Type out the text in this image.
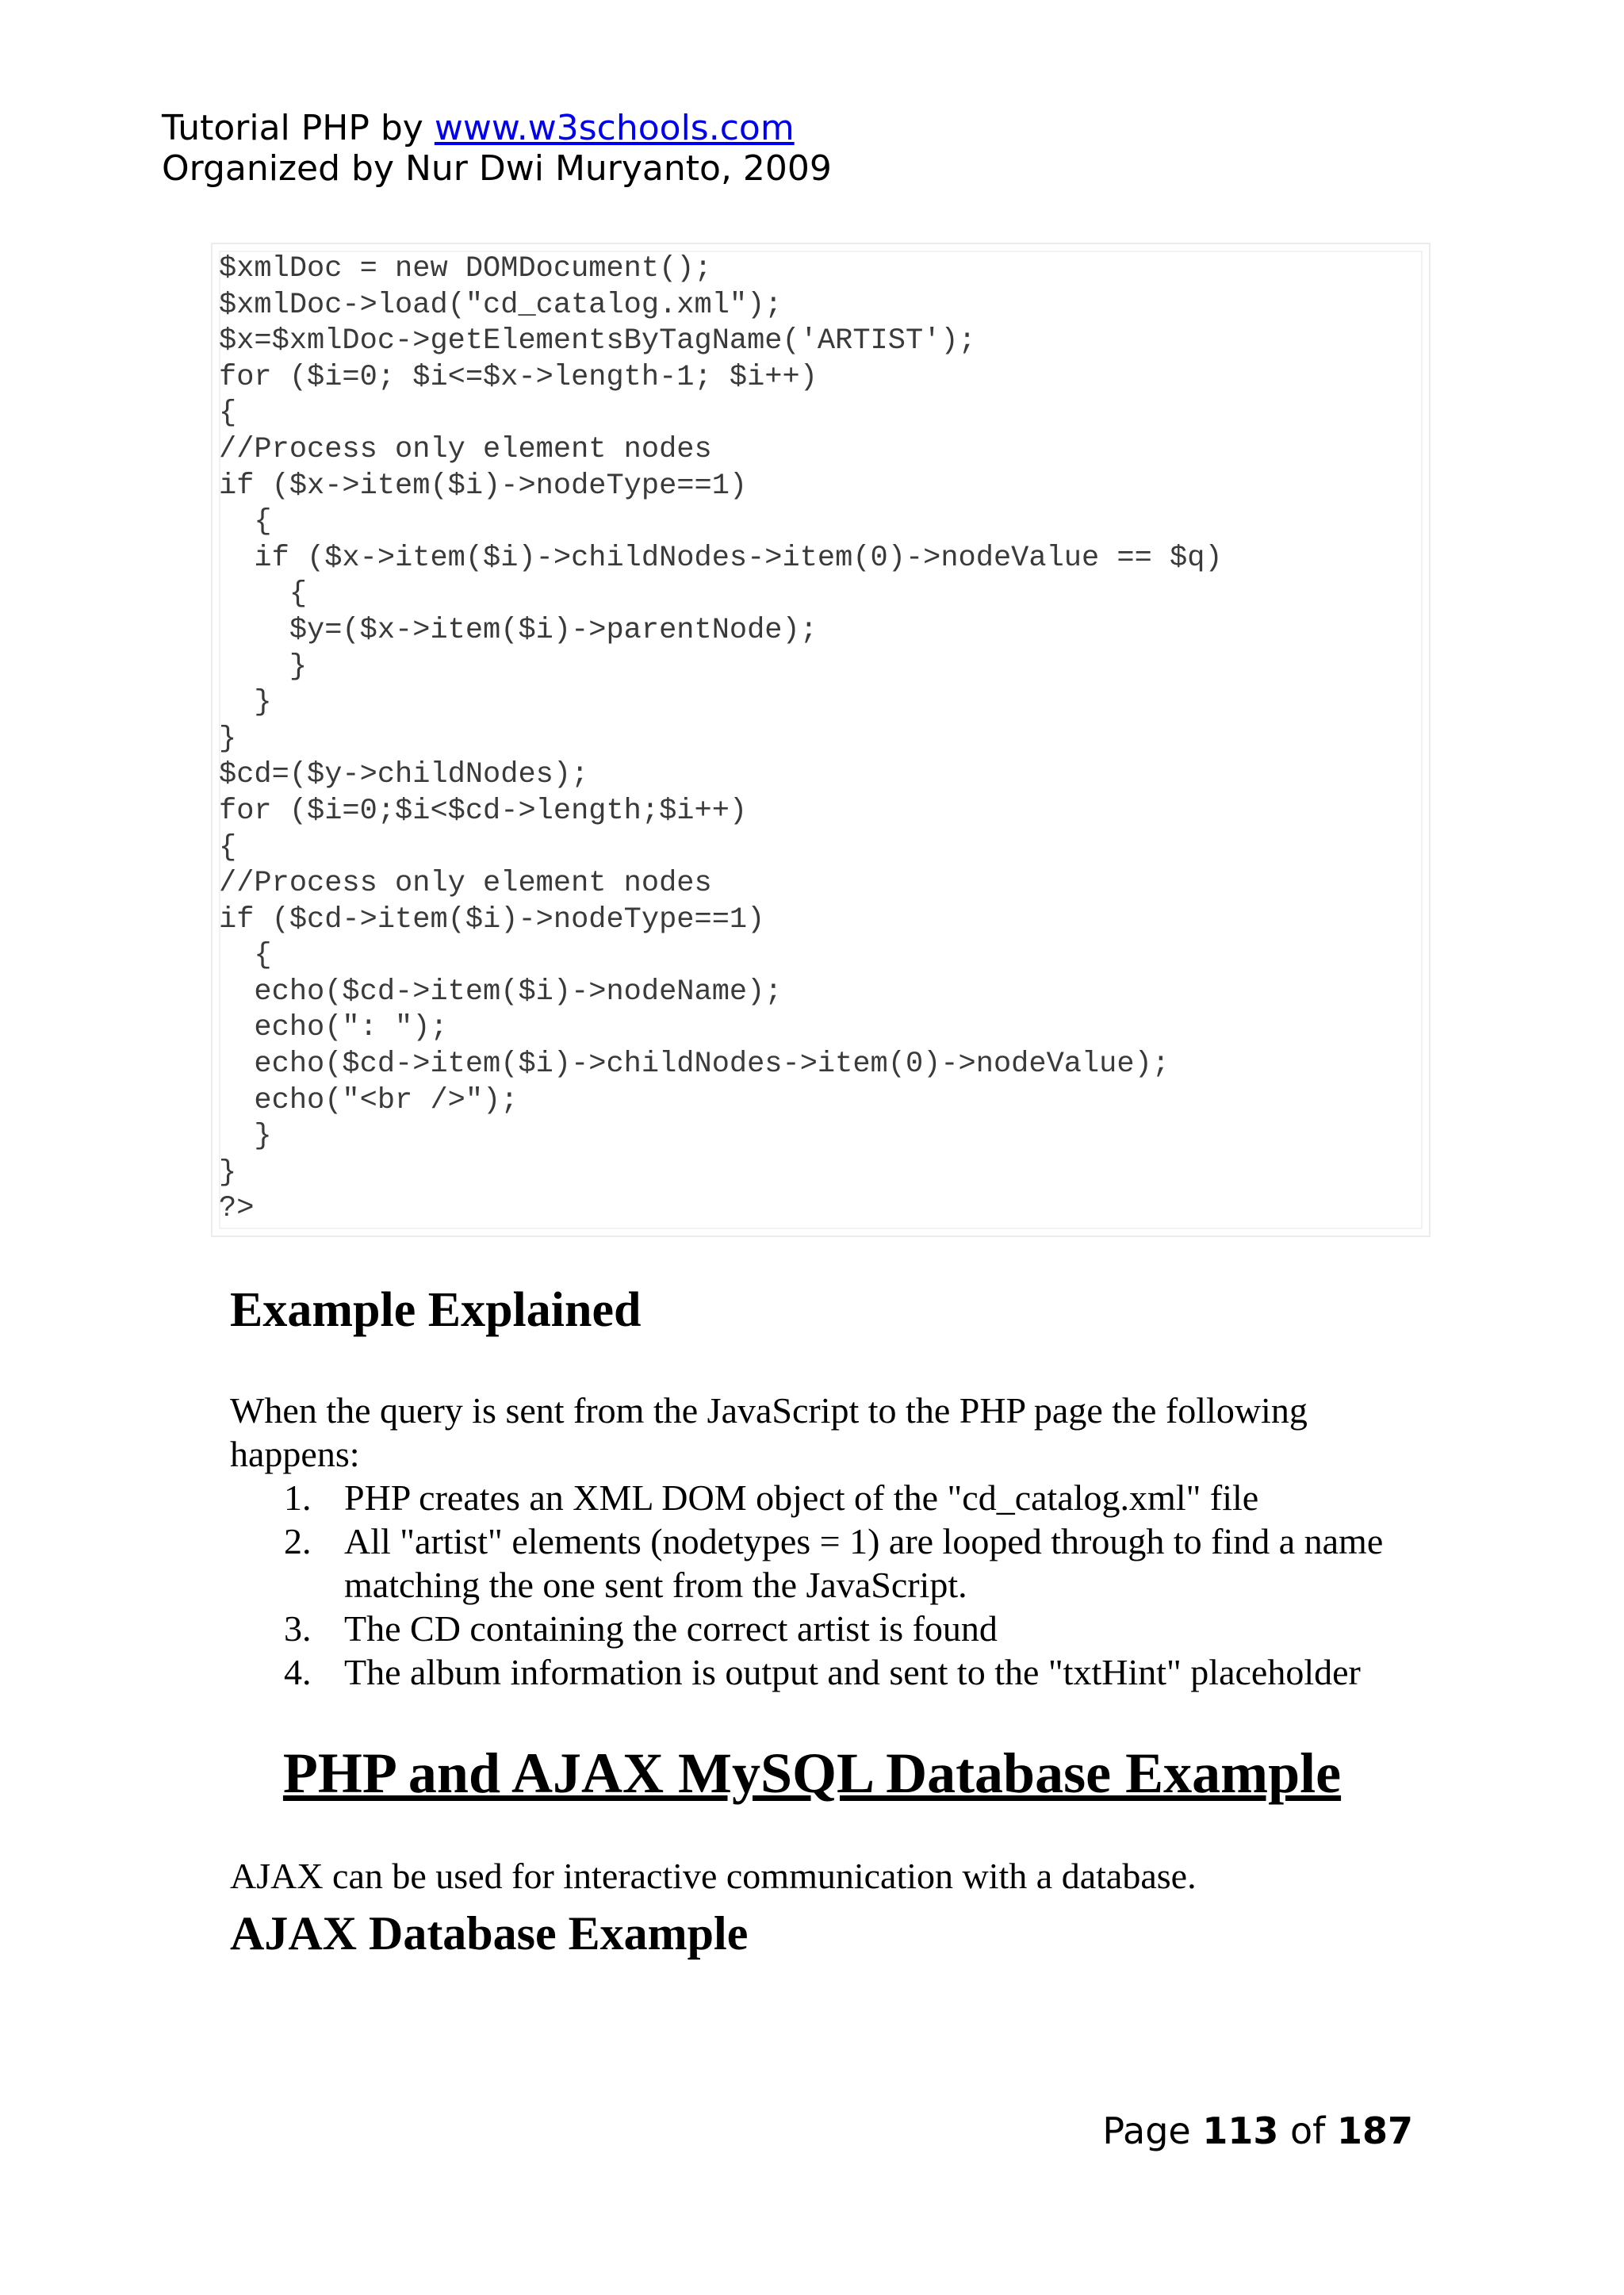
Tutorial PHP by www.w3schools.com
Organized by Nur Dwi Muryanto, 2009
$xmlDoc = new DOMDocument();
$xmlDoc->load("cd_catalog.xml");
$x=$xmlDoc->getElementsByTagName('ARTIST');
for ($i=0; $i<=$x->length-1; $i++)
{
//Process only element nodes
if ($x->item($i)->nodeType==1)
{
if ($x->item($i)->childNodes->item(0)->nodeValue == $q)
{
$y=($x->item($i)->parentNode);
}
}
}
$cd=($y->childNodes);
for ($i=0;$i<$cd->length;$i++)
{
//Process only element nodes
if ($cd->item($i)->nodeType==1)
{
echo($cd->item($i)->nodeName);
echo(": ");
echo($cd->item($i)->childNodes->item(0)->nodeValue);
echo("<br />");
}
}
?>
Example Explained

When the query is sent from the JavaScript to the PHP page the following happens:

1. PHP creates an XML DOM object of the "cd_catalog.xml" file
2. All "artist" elements (nodetypes = 1) are looped through to find a name matching the one sent from the JavaScript.
3. The CD containing the correct artist is found
4. The album information is output and sent to the "txtHint" placeholder
PHP and AJAX MySQL Database Example

AJAX can be used for interactive communication with a database.

AJAX Database Example
Page 113 of 187
